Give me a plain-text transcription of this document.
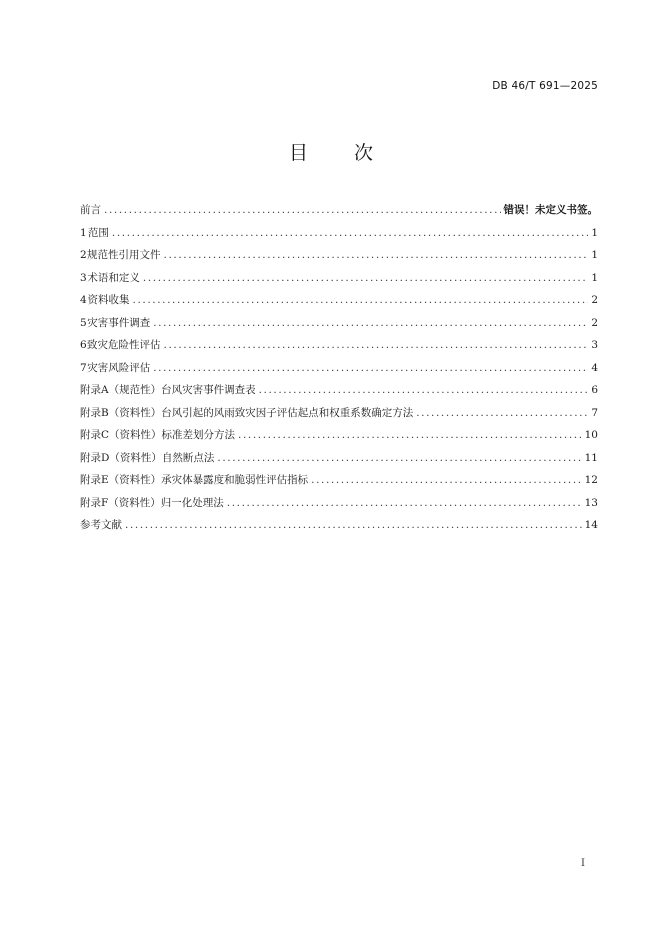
DB 46/T 691—2025
目 次
前言 .....	错误！未定义书签。
1 范围 .....	1
2 规范性引用文件 .....	1
3 术语和定义 .....	1
4 资料收集 .....	2
5 灾害事件调查 .....	2
6 致灾危险性评估 .....	3
7 灾害风险评估 .....	4
附录A（规范性） 台风灾害事件调查表 .....	6
附录B（资料性） 台风引起的风雨致灾因子评估起点和权重系数确定方法 .....	7
附录C（资料性） 标准差划分方法 .....	10
附录D（资料性） 自然断点法 .....	11
附录E（资料性） 承灾体暴露度和脆弱性评估指标 .....	12
附录F（资料性） 归一化处理法 .....	13
参考文献 .....	14
I
